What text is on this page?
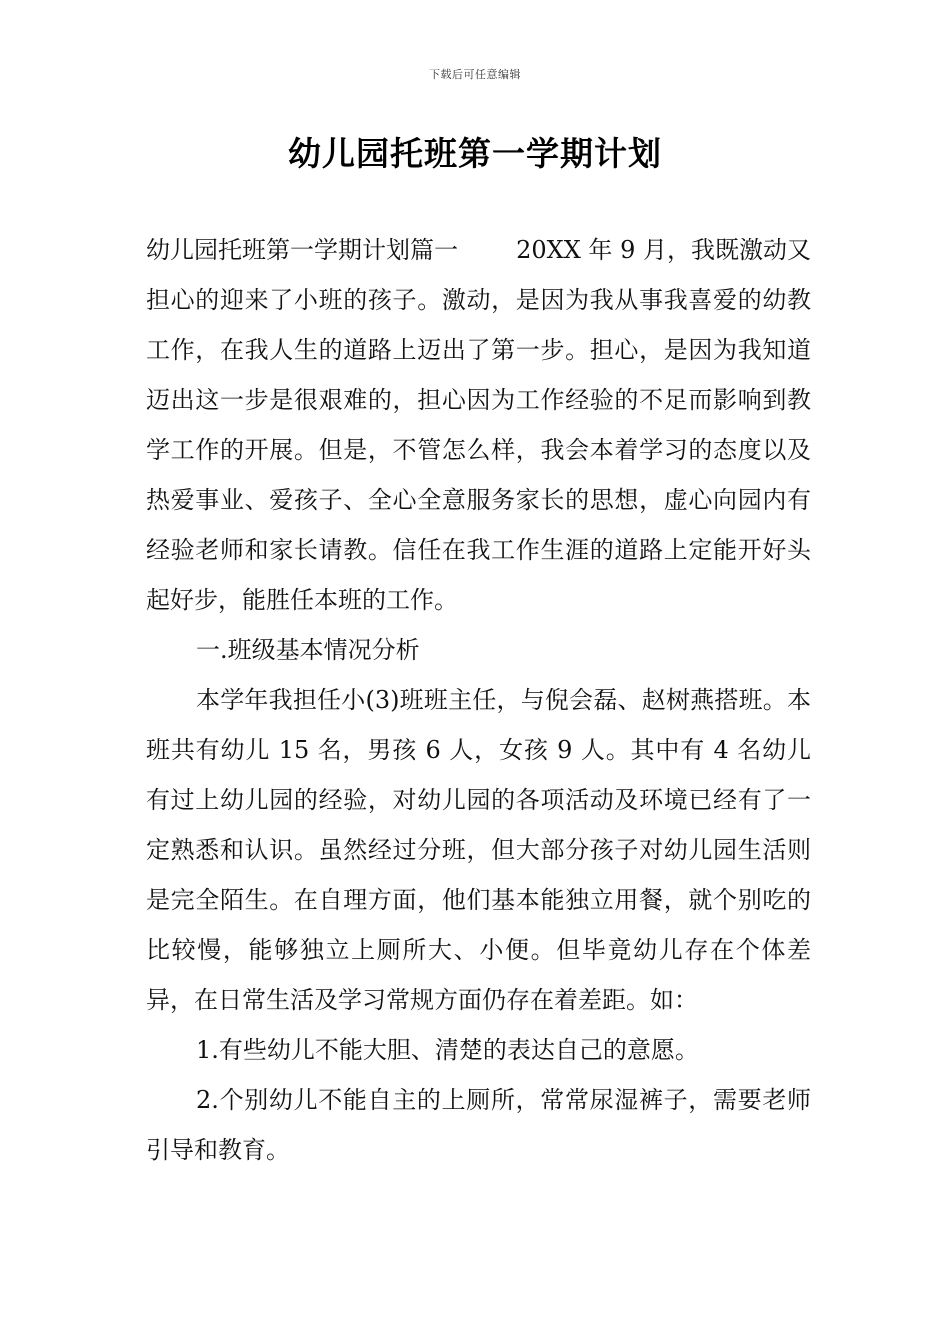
下载后可任意编辑
幼儿园托班第一学期计划

幼儿园托班第一学期计划篇一 20XX 年 9 月，我既激动又担心的迎来了小班的孩子。激动，是因为我从事我喜爱的幼教工作，在我人生的道路上迈出了第一步。担心，是因为我知道迈出这一步是很艰难的，担心因为工作经验的不足而影响到教学工作的开展。但是，不管怎么样，我会本着学习的态度以及热爱事业、爱孩子、全心全意服务家长的思想，虚心向园内有经验老师和家长请教。信任在我工作生涯的道路上定能开好头起好步，能胜任本班的工作。

一.班级基本情况分析

本学年我担任小(3)班班主任，与倪会磊、赵树燕搭班。本班共有幼儿 15 名，男孩 6 人，女孩 9 人。其中有 4 名幼儿有过上幼儿园的经验，对幼儿园的各项活动及环境已经有了一定熟悉和认识。虽然经过分班，但大部分孩子对幼儿园生活则是完全陌生。在自理方面，他们基本能独立用餐，就个别吃的比较慢，能够独立上厕所大、小便。但毕竟幼儿存在个体差异，在日常生活及学习常规方面仍存在着差距。如：

1.有些幼儿不能大胆、清楚的表达自己的意愿。

2.个别幼儿不能自主的上厕所，常常尿湿裤子，需要老师引导和教育。
